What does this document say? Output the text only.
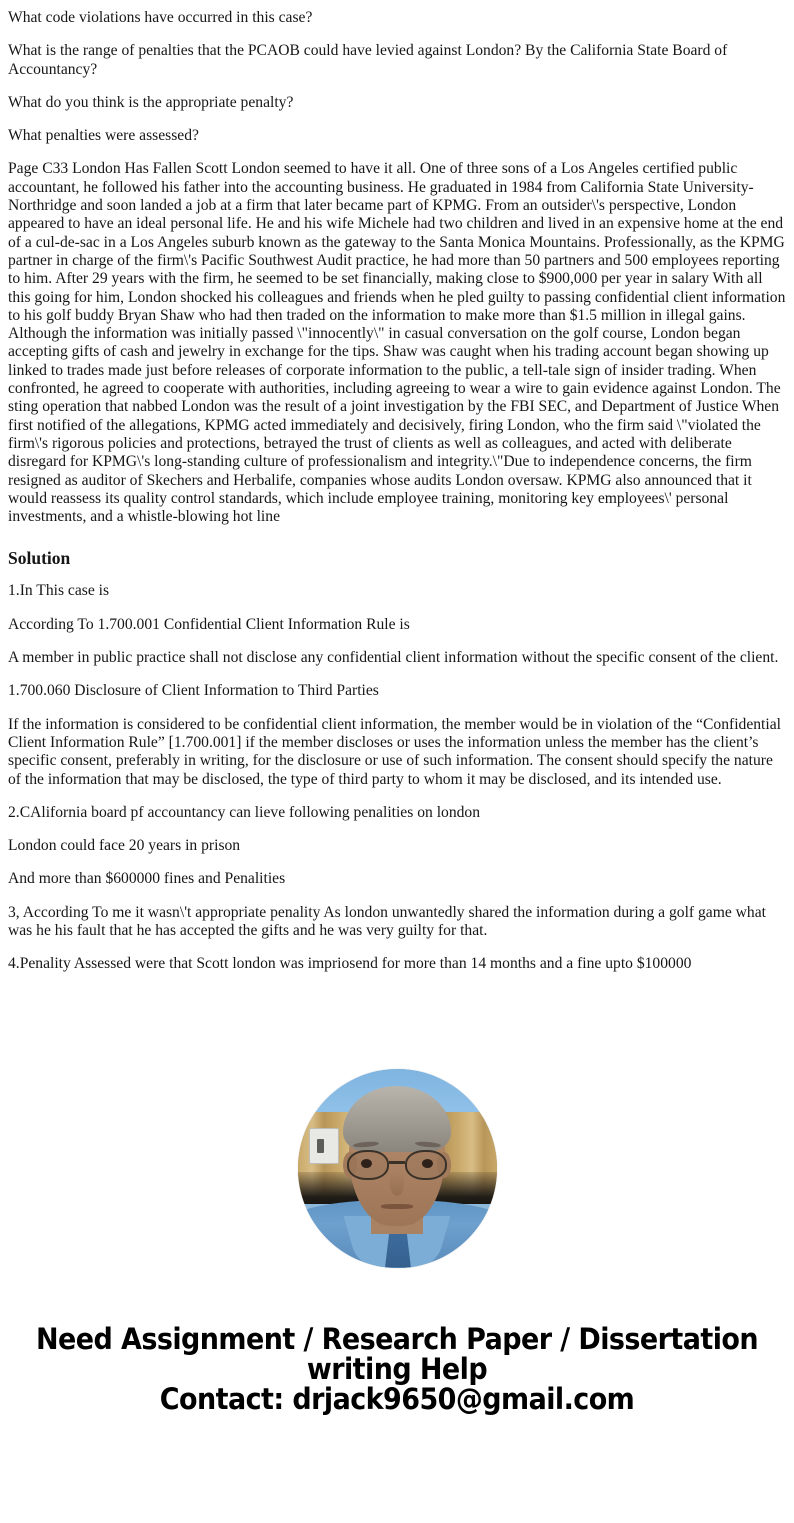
What code violations have occurred in this case?

What is the range of penalties that the PCAOB could have levied against London? By the California State Board of Accountancy?

What do you think is the appropriate penalty?

What penalties were assessed?

Page C33 London Has Fallen Scott London seemed to have it all. One of three sons of a Los Angeles certified public accountant, he followed his father into the accounting business. He graduated in 1984 from California State University-Northridge and soon landed a job at a firm that later became part of KPMG. From an outsider\'s perspective, London appeared to have an ideal personal life. He and his wife Michele had two children and lived in an expensive home at the end of a cul-de-sac in a Los Angeles suburb known as the gateway to the Santa Monica Mountains. Professionally, as the KPMG partner in charge of the firm\'s Pacific Southwest Audit practice, he had more than 50 partners and 500 employees reporting to him. After 29 years with the firm, he seemed to be set financially, making close to $900,000 per year in salary With all this going for him, London shocked his colleagues and friends when he pled guilty to passing confidential client information to his golf buddy Bryan Shaw who had then traded on the information to make more than $1.5 million in illegal gains. Although the information was initially passed \"innocently\" in casual conversation on the golf course, London began accepting gifts of cash and jewelry in exchange for the tips. Shaw was caught when his trading account began showing up linked to trades made just before releases of corporate information to the public, a tell-tale sign of insider trading. When confronted, he agreed to cooperate with authorities, including agreeing to wear a wire to gain evidence against London. The sting operation that nabbed London was the result of a joint investigation by the FBI SEC, and Department of Justice When first notified of the allegations, KPMG acted immediately and decisively, firing London, who the firm said \"violated the firm\'s rigorous policies and protections, betrayed the trust of clients as well as colleagues, and acted with deliberate disregard for KPMG\'s long-standing culture of professionalism and integrity.\"Due to independence concerns, the firm resigned as auditor of Skechers and Herbalife, companies whose audits London oversaw. KPMG also announced that it would reassess its quality control standards, which include employee training, monitoring key employees\' personal investments, and a whistle-blowing hot line

Solution

1.In This case is

According To 1.700.001 Confidential Client Information Rule is

A member in public practice shall not disclose any confidential client information without the specific consent of the client.

1.700.060 Disclosure of Client Information to Third Parties

If the information is considered to be confidential client information, the member would be in violation of the “Confidential Client Information Rule” [1.700.001] if the member discloses or uses the information unless the member has the client’s specific consent, preferably in writing, for the disclosure or use of such information. The consent should specify the nature of the information that may be disclosed, the type of third party to whom it may be disclosed, and its intended use.

2.CAlifornia board pf accountancy can lieve following penalities on london

London could face 20 years in prison

And more than $600000 fines and Penalities

3, According To me it wasn\'t appropriate penality As london unwantedly shared the information during a golf game what was he his fault that he has accepted the gifts and he was very guilty for that.

4.Penality Assessed were that Scott london was impriosend for more than 14 months and a fine upto $100000

Need Assignment / Research Paper / Dissertation
writing Help
Contact: drjack9650@gmail.com
